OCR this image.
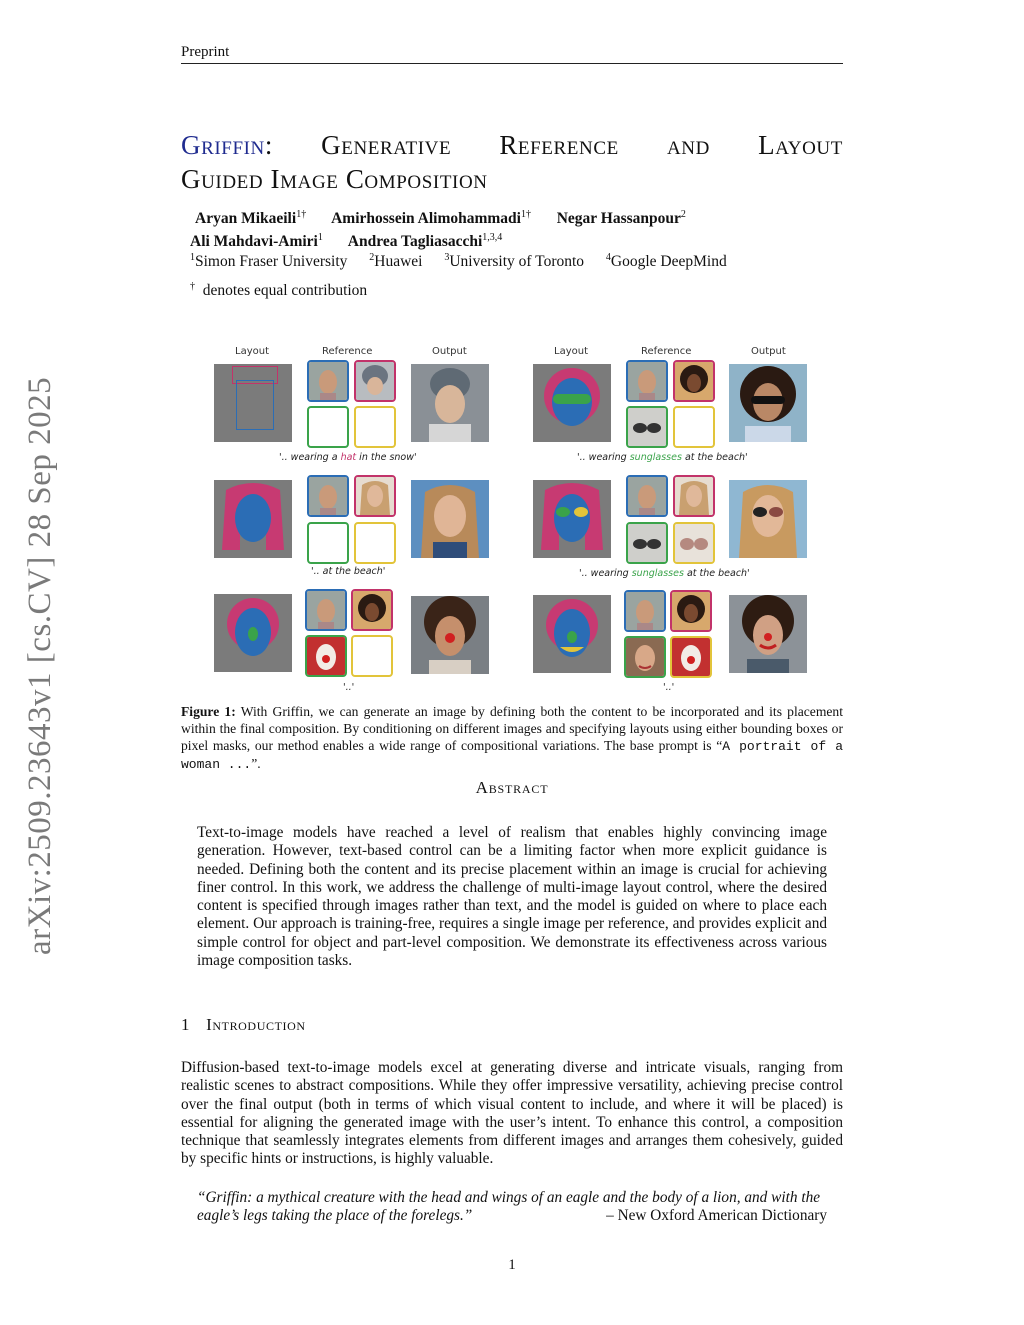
Preprint
arXiv:2509.23643v1 [cs.CV] 28 Sep 2025
Griffin: Generative Reference and Layout
Guided Image Composition
Aryan Mikaeili$^{1\dagger}$ Amirhossein Alimohammadi$^{1\dagger}$ Negar Hassanpour$^2$
Ali Mahdavi-Amiri$^1$ Andrea Tagliasacchi$^{1,3,4}$
$^1$Simon Fraser University $^2$Huawei $^3$University of Toronto $^4$Google DeepMind
† denotes equal contribution
Layout	Reference	Output	Layout	Reference	Output
'.. wearing a hat in the snow'	'.. wearing sunglasses at the beach'
'.. at the beach'	'.. wearing sunglasses at the beach'
'..'	'..'
Figure 1: With Griffin, we can generate an image by defining both the content to be incorporated and its placement within the final composition. By conditioning on different images and specifying layouts using either bounding boxes or pixel masks, our method enables a wide range of compositional variations. The base prompt is “A portrait of a woman ...”.
Abstract
Text-to-image models have reached a level of realism that enables highly convincing image generation. However, text-based control can be a limiting factor when more explicit guidance is needed. Defining both the content and its precise placement within an image is crucial for achieving finer control. In this work, we address the challenge of multi-image layout control, where the desired content is specified through images rather than text, and the model is guided on where to place each element. Our approach is training-free, requires a single image per reference, and provides explicit and simple control for object and part-level composition. We demonstrate its effectiveness across various image composition tasks.
1 Introduction
Diffusion-based text-to-image models excel at generating diverse and intricate visuals, ranging from realistic scenes to abstract compositions. While they offer impressive versatility, achieving precise control over the final output (both in terms of which visual content to include, and where it will be placed) is essential for aligning the generated image with the user’s intent. To enhance this control, a composition technique that seamlessly integrates elements from different images and arranges them cohesively, guided by specific hints or instructions, is highly valuable.
“Griffin: a mythical creature with the head and wings of an eagle and the body of a lion, and with the eagle’s legs taking the place of the forelegs.”	– New Oxford American Dictionary
1
